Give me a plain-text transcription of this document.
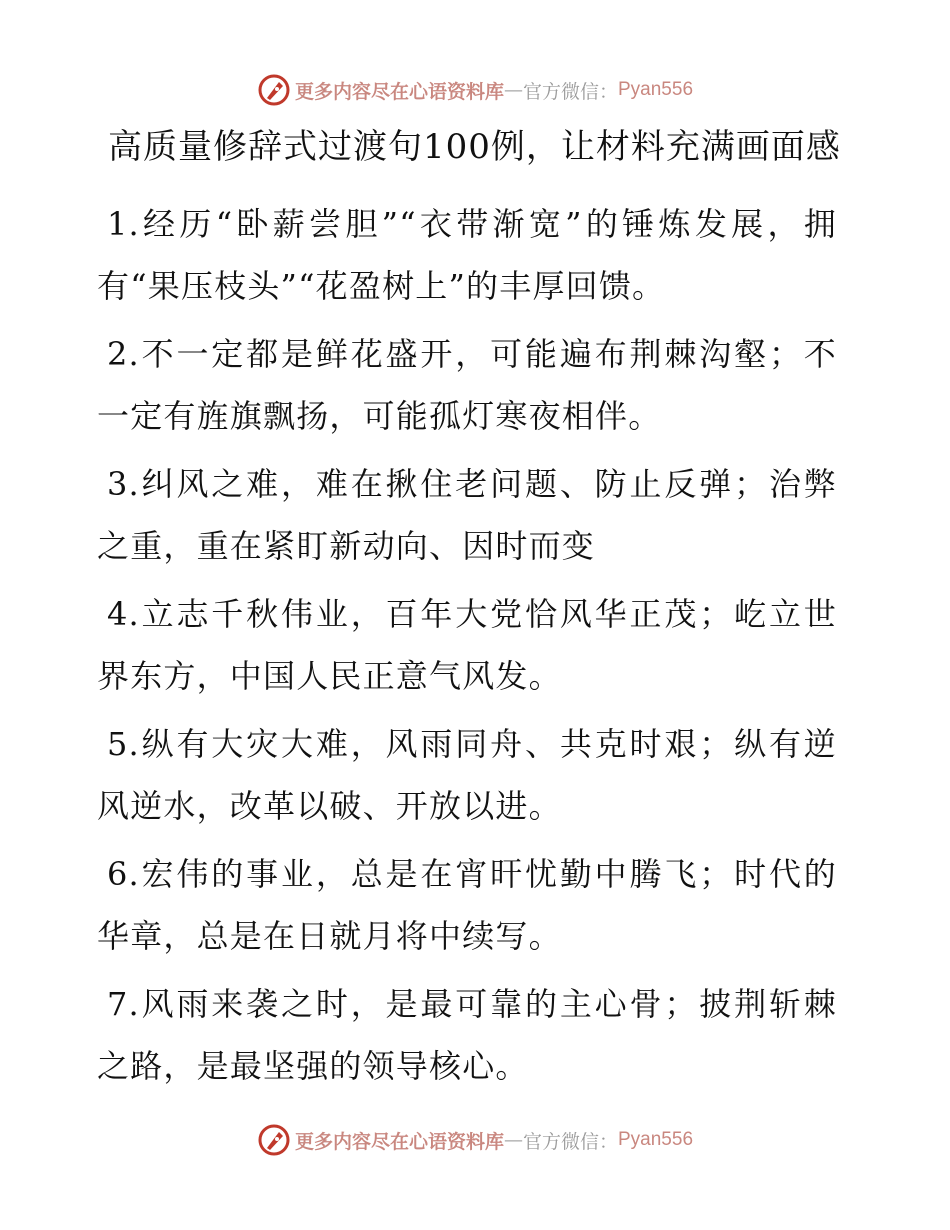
更多内容尽在心语资料库 — 官方微信： Pyan556
高质量修辞式过渡句100例，让材料充满画面感
1.经历“卧薪尝胆”“衣带渐宽”的锤炼发展，拥有“果压枝头”“花盈树上”的丰厚回馈。
2.不一定都是鲜花盛开，可能遍布荆棘沟壑；不一定有旌旗飘扬，可能孤灯寒夜相伴。
3.纠风之难，难在揪住老问题、防止反弹；治弊之重，重在紧盯新动向、因时而变
4.立志千秋伟业，百年大党恰风华正茂；屹立世界东方，中国人民正意气风发。
5.纵有大灾大难，风雨同舟、共克时艰；纵有逆风逆水，改革以破、开放以进。
6.宏伟的事业，总是在宵旰忧勤中腾飞；时代的华章，总是在日就月将中续写。
7.风雨来袭之时，是最可靠的主心骨；披荆斩棘之路，是最坚强的领导核心。
更多内容尽在心语资料库 — 官方微信： Pyan556
